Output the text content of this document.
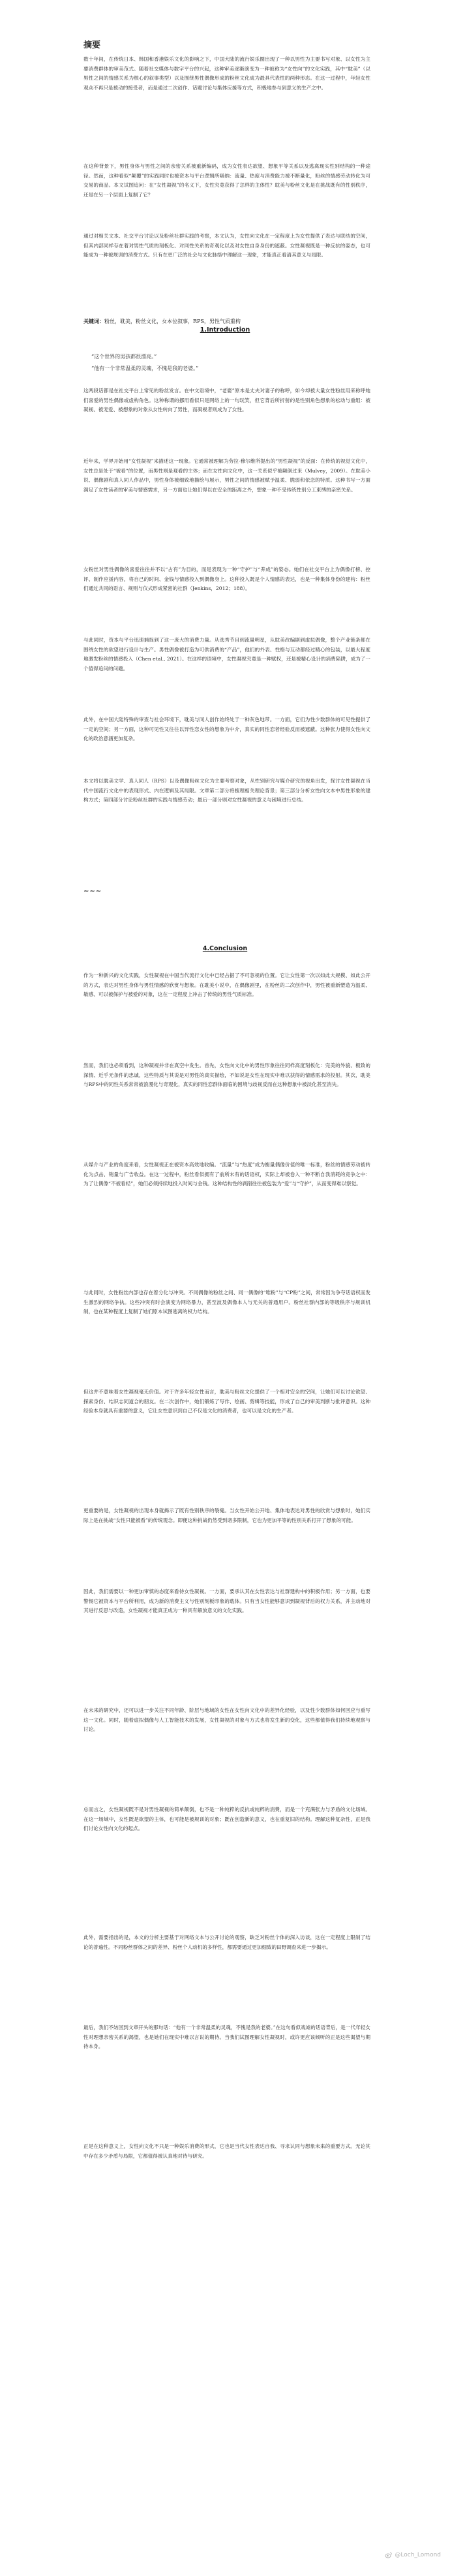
摘要

数十年间，在传统日本、韩国和香港娱乐文化的影响之下，中国大陆的流行娱乐圈出现了一种以男性为主要书写对象、以女性为主要消费群体的审美范式。随着社交媒体与数字平台的兴起，这种审美逐渐演变为一种被称为“女性向”的文化实践，其中“耽美”（以男性之间的情感关系为核心的叙事类型）以及围绕男性偶像形成的粉丝文化成为最具代表性的两种形态。在这一过程中，年轻女性观众不再只是被动的接受者，而是通过二次创作、话题讨论与集体应援等方式，积极地参与到意义的生产之中。

在这种背景下，男性身体与男性之间的亲密关系被重新编码，成为女性表达欲望、想象平等关系以及逃离现实性别结构的一种途径。然而，这种看似“颠覆”的实践同时也被资本与平台逻辑所吸纳：流量、热度与消费能力被不断量化，粉丝的情感劳动转化为可交易的商品。本文试图追问：在“女性凝视”的名义下，女性究竟获得了怎样的主体性？耽美与粉丝文化是在挑战既有的性别秩序，还是在另一个层面上复制了它？

通过对相关文本、社交平台讨论以及粉丝社群实践的考察，本文认为，女性向文化在一定程度上为女性提供了表达与联结的空间，但其内部同样存在着对男性气质的刻板化、对同性关系的奇观化以及对女性自身身份的遮蔽。女性凝视既是一种反抗的姿态，也可能成为一种被规训的消费方式。只有在更广泛的社会与文化脉络中理解这一现象，才能真正看清其意义与局限。

关键词：粉丝，耽美，粉丝文化，女本位叙事，RPS，男性气质重构
1.Introduction
“这个世界的男孩都很漂亮。”
“他有一个非常温柔的灵魂，不愧是我的老婆。”

这两段话都是在社交平台上常见的粉丝发言。在中文语境中，“老婆”原本是丈夫对妻子的称呼，如今却被大量女性粉丝用来称呼她们喜爱的男性偶像或虚构角色。这种称谓的挪用看似只是网络上的一句玩笑，但它背后所折射的是性别角色想象的松动与重组：被凝视、被宠爱、被想象的对象从女性转向了男性，而凝视者则成为了女性。

近年来，学界开始用“女性凝视”来描述这一现象。它通常被理解为劳拉·穆尔维所提出的“男性凝视”的反面：在传统的视觉文化中，女性总是处于“被看”的位置，而男性则是观看的主体；而在女性向文化中，这一关系似乎被颠倒过来（Mulvey，2009）。在耽美小说、偶像剧和真人同人作品中，男性身体被细致地描绘与展示，男性之间的情感被赋予温柔、脆弱和依恋的特质。这种书写一方面满足了女性读者的审美与情感需求，另一方面也让她们得以在安全的距离之外，想象一种不受传统性别分工束缚的亲密关系。

女粉丝对男性偶像的喜爱往往并不以“占有”为目的，而是表现为一种“守护”与“养成”的姿态。她们在社交平台上为偶像打榜、控评、制作应援内容，将自己的时间、金钱与情感投入到偶像身上。这种投入既是个人情感的表达，也是一种集体身份的建构：粉丝们通过共同的语言、规则与仪式形成紧密的社群（Jenkins，2012；188）。

与此同时，资本与平台迅速捕捉到了这一庞大的消费力量。从选秀节目到流量明星，从耽美改编剧到虚拟偶像，整个产业链条都在围绕女性的欲望进行设计与生产。男性偶像被打造为可供消费的“产品”，他们的外表、性格与互动都经过精心的包装，以最大程度地激发粉丝的情感投入（Chen etal., 2021）。在这样的语境中，女性凝视究竟是一种赋权，还是被精心设计的消费陷阱，成为了一个值得追问的问题。

此外，在中国大陆特殊的审查与社会环境下，耽美与同人创作始终处于一种灰色地带。一方面，它们为性少数群体的可见性提供了一定的空间；另一方面，这种可见性又往往以异性恋女性的想象为中介，真实的同性恋者经验反而被遮蔽。这种张力使得女性向文化的政治意涵更加复杂。

本文将以耽美文学、真人同人（RPS）以及偶像粉丝文化为主要考察对象，从性别研究与媒介研究的视角出发，探讨女性凝视在当代中国流行文化中的表现形式、内在逻辑及其局限。文章第二部分将梳理相关理论背景；第三部分分析女性向文本中男性形象的建构方式；第四部分讨论粉丝社群的实践与情感劳动；最后一部分则对女性凝视的意义与困境进行总结。

~~~
4.Conclusion

作为一种新兴的文化实践，女性凝视在中国当代流行文化中已经占据了不可忽视的位置。它让女性第一次以如此大规模、如此公开的方式，表达对男性身体与男性情感的欣赏与想象。在耽美小说中，在偶像剧里，在粉丝的二次创作中，男性被重新塑造为温柔、敏感、可以被保护与被爱的对象，这在一定程度上冲击了传统的男性气质标准。

然而，我们也必须看到，这种凝视并非在真空中发生。首先，女性向文化中的男性形象往往同样高度刻板化：完美的外貌、极致的深情、近乎无条件的忠诚，这些特质与其说是对男性的真实描绘，不如说是女性在现实中难以获得的情感需求的投射。其次，耽美与RPS中的同性关系常常被浪漫化与奇观化，真实的同性恋群体面临的困境与歧视反而在这种想象中被淡化甚至消失。

从媒介与产业的角度来看，女性凝视正在被资本高效地收编。“流量”与“热度”成为衡量偶像价值的唯一标准，粉丝的情感劳动被转化为点击、销量与广告收益。在这一过程中，粉丝看似拥有了前所未有的话语权，实际上却被卷入一种不断自我消耗的竞争之中：为了让偶像“不被看轻”，她们必须持续地投入时间与金钱。这种结构性的剥削往往被包装为“爱”与“守护”，从而变得难以察觉。

与此同时，女性粉丝内部也存在着分化与冲突。不同偶像的粉丝之间、同一偶像的“唯粉”与“CP粉”之间，常常因为争夺话语权而发生激烈的网络争执。这些冲突有时会演变为网络暴力，甚至波及偶像本人与无关的普通用户。粉丝社群内部的等级秩序与规训机制，也在某种程度上复制了她们原本试图逃离的权力结构。

但这并不意味着女性凝视毫无价值。对于许多年轻女性而言，耽美与粉丝文化提供了一个相对安全的空间，让她们可以讨论欲望、探索身份、结识志同道合的朋友。在二次创作中，她们锻炼了写作、绘画、剪辑等技能，形成了自己的审美判断与批评意识。这种经验本身就具有重要的意义，它让女性意识到自己不仅是文化的消费者，也可以是文化的生产者。

更重要的是，女性凝视的出现本身就揭示了既有性别秩序的裂缝。当女性开始公开地、集体地表达对男性的欣赏与想象时，她们实际上是在挑战“女性只能被看”的传统观念。即便这种挑战仍然受到诸多限制，它也为更加平等的性别关系打开了想象的可能。

因此，我们需要以一种更加审慎的态度来看待女性凝视。一方面，要承认其在女性表达与社群建构中的积极作用；另一方面，也要警惕它被资本与平台所利用，成为新的消费主义与性别刻板印象的载体。只有当女性能够意识到凝视背后的权力关系，并主动地对其进行反思与改造，女性凝视才能真正成为一种具有解放意义的文化实践。

在未来的研究中，还可以进一步关注不同年龄、阶层与地域的女性在女性向文化中的差异化经验，以及性少数群体如何回应与重写这一文化。同时，随着虚拟偶像与人工智能技术的发展，女性凝视的对象与方式也将发生新的变化，这些都值得我们持续地观察与讨论。

总而言之，女性凝视既不是对男性凝视的简单颠倒，也不是一种纯粹的反抗或纯粹的消费，而是一个充满张力与矛盾的文化场域。在这一场域中，女性既是欲望的主体，也可能是被规训的对象；既在创造新的意义，也在重复旧的结构。理解这种复杂性，正是我们讨论女性向文化的起点。

此外，需要指出的是，本文的分析主要基于对网络文本与公开讨论的观察，缺乏对粉丝个体的深入访谈，这在一定程度上限制了结论的普遍性。不同粉丝群体之间的差异、粉丝个人动机的多样性，都需要通过更加细致的田野调查来进一步揭示。

最后，我们不妨回到文章开头的那句话：“他有一个非常温柔的灵魂，不愧是我的老婆。”在这句看似戏谑的话语背后，是一代年轻女性对理想亲密关系的渴望，也是她们在现实中难以言说的期待。当我们试图理解女性凝视时，或许更应该倾听的正是这些渴望与期待本身。

正是在这种意义上，女性向文化不只是一种娱乐消费的形式，它也是当代女性表达自我、寻求认同与想象未来的重要方式。无论其中存在多少矛盾与局限，它都值得被认真地对待与研究。

@Loch_Lomond
